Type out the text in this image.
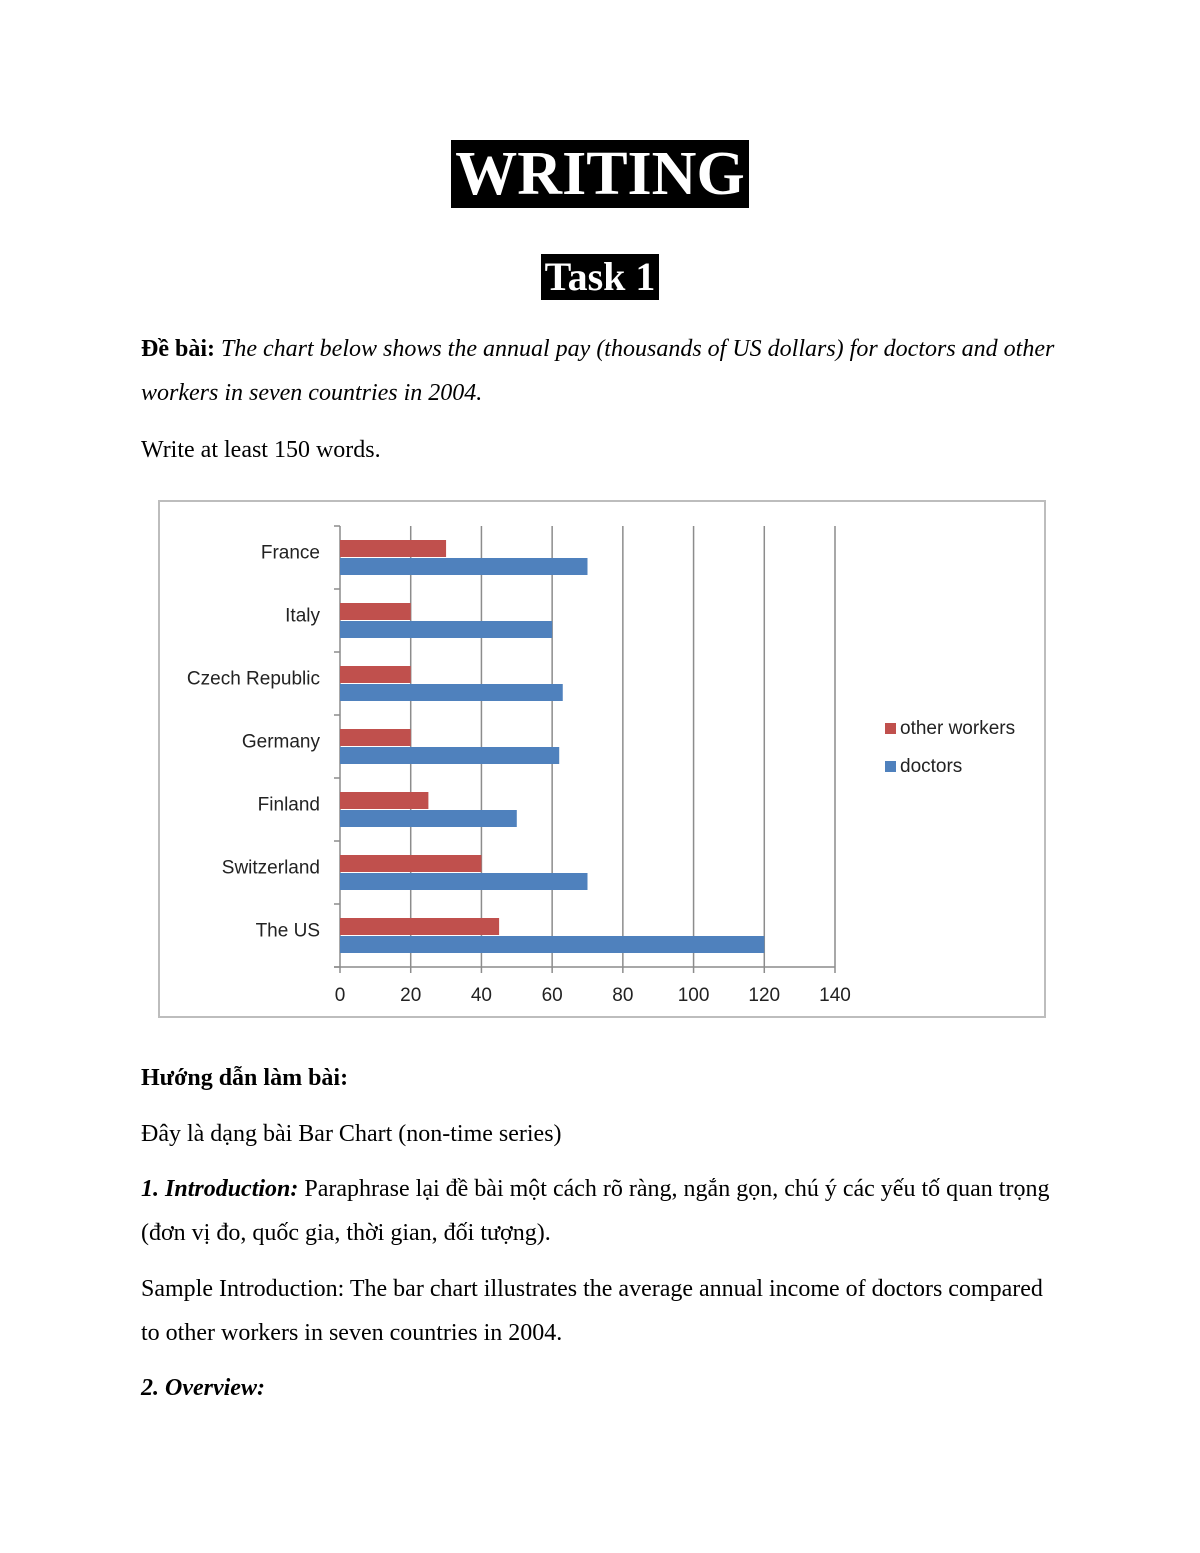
WRITING
Task 1

Đề bài: The chart below shows the annual pay (thousands of US dollars) for doctors and other workers in seven countries in 2004.

Write at least 150 words.

0	20	40	60	80 100 120 140
France
Italy
Czech Republic
Germany
Finland
Switzerland
The US
other workers
doctors

Hướng dẫn làm bài:

Đây là dạng bài Bar Chart (non-time series)

1. Introduction: Paraphrase lại đề bài một cách rõ ràng, ngắn gọn, chú ý các yếu tố quan trọng (đơn vị đo, quốc gia, thời gian, đối tượng).

Sample Introduction: The bar chart illustrates the average annual income of doctors compared to other workers in seven countries in 2004.

2. Overview:
